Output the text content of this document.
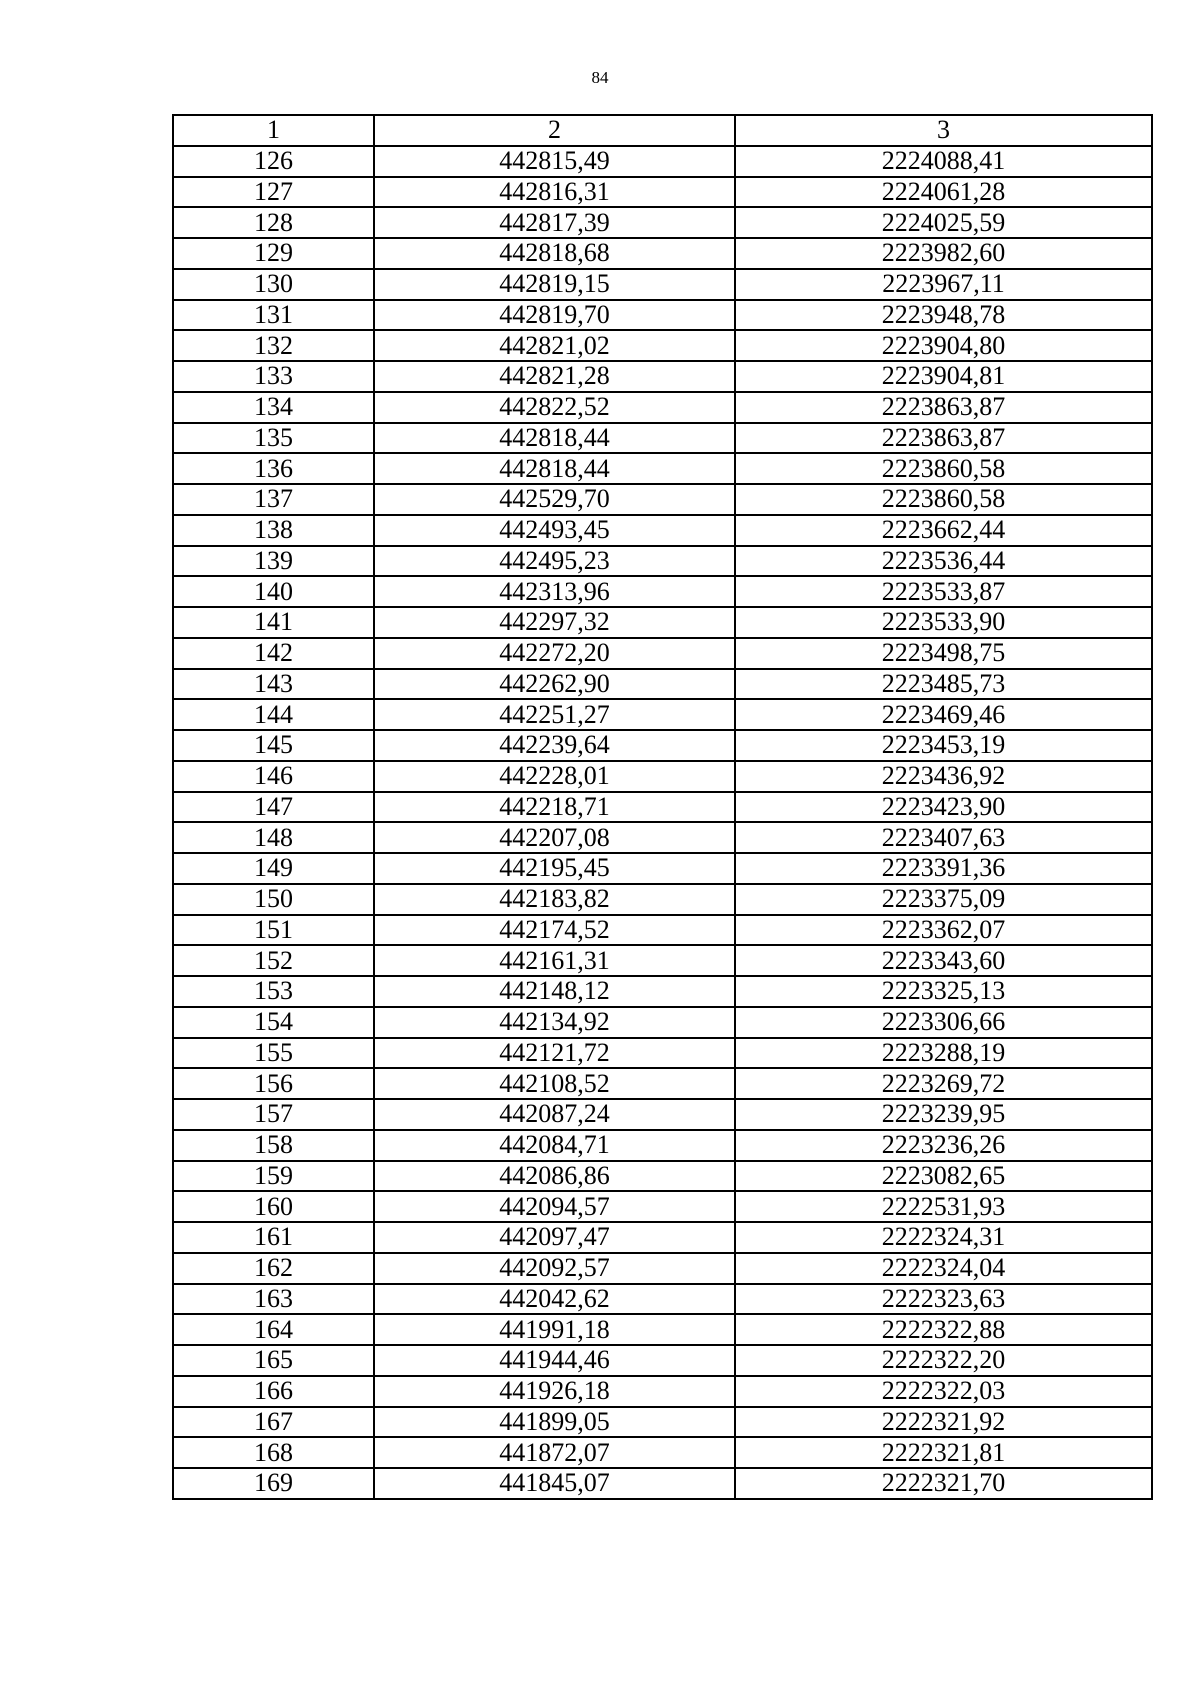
84
1	2	3
126	442815,49	2224088,41
127	442816,31	2224061,28
128	442817,39	2224025,59
129	442818,68	2223982,60
130	442819,15	2223967,11
131	442819,70	2223948,78
132	442821,02	2223904,80
133	442821,28	2223904,81
134	442822,52	2223863,87
135	442818,44	2223863,87
136	442818,44	2223860,58
137	442529,70	2223860,58
138	442493,45	2223662,44
139	442495,23	2223536,44
140	442313,96	2223533,87
141	442297,32	2223533,90
142	442272,20	2223498,75
143	442262,90	2223485,73
144	442251,27	2223469,46
145	442239,64	2223453,19
146	442228,01	2223436,92
147	442218,71	2223423,90
148	442207,08	2223407,63
149	442195,45	2223391,36
150	442183,82	2223375,09
151	442174,52	2223362,07
152	442161,31	2223343,60
153	442148,12	2223325,13
154	442134,92	2223306,66
155	442121,72	2223288,19
156	442108,52	2223269,72
157	442087,24	2223239,95
158	442084,71	2223236,26
159	442086,86	2223082,65
160	442094,57	2222531,93
161	442097,47	2222324,31
162	442092,57	2222324,04
163	442042,62	2222323,63
164	441991,18	2222322,88
165	441944,46	2222322,20
166	441926,18	2222322,03
167	441899,05	2222321,92
168	441872,07	2222321,81
169	441845,07	2222321,70
